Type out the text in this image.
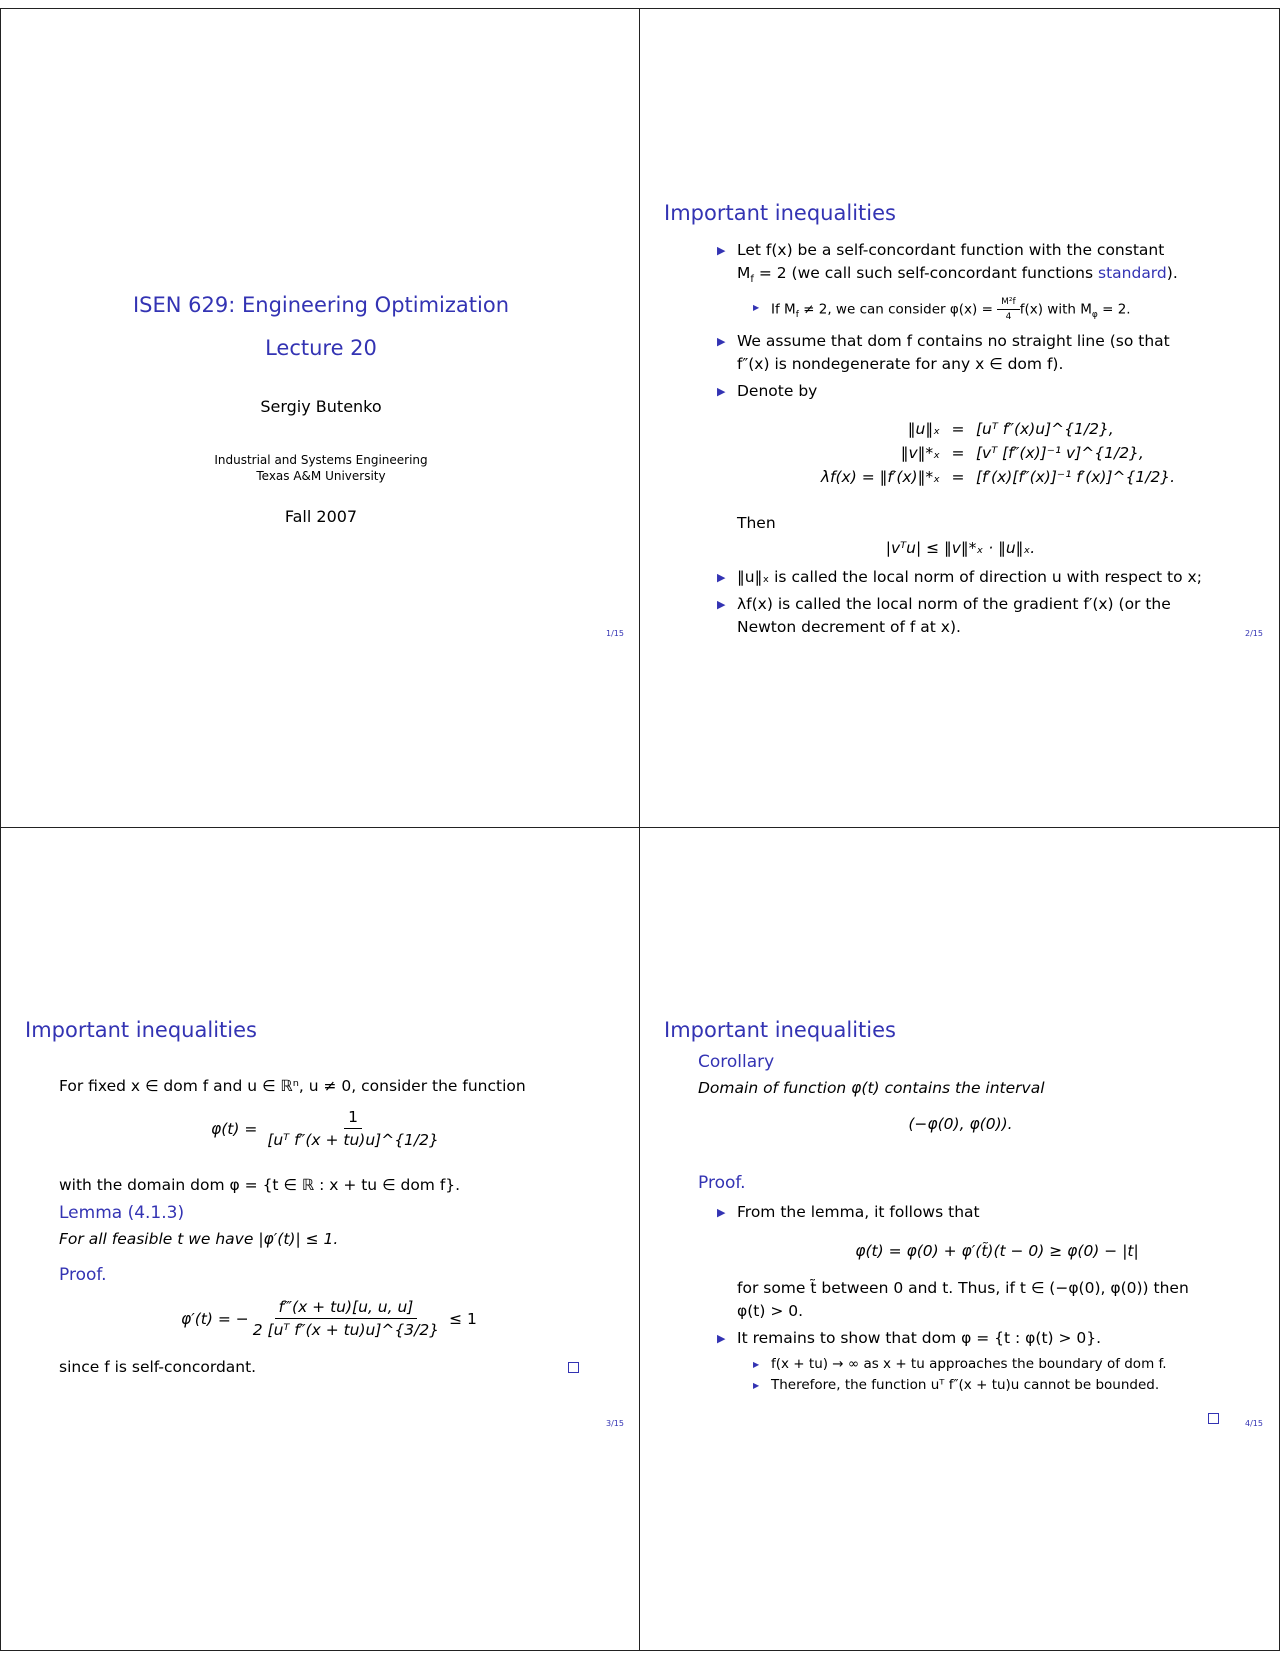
ISEN 629: Engineering Optimization
Lecture 20
Sergiy Butenko
Industrial and Systems Engineering
Texas A&M University
Fall 2007
1/15
Important inequalities
▶ Let f(x) be a self-concordant function with the constant
$M_f = 2$ (we call such self-concordant functions standard).
▶ If $M_f \ne 2$, we can consider $\varphi(x) = \frac{\text{M²f}}{4} f(x)$ with $M_\varphi = 2$.
▶ We assume that dom f contains no straight line (so that
f″(x) is nondegenerate for any x ∈ dom f).
▶ Denote by
‖u‖ₓ = [uᵀ f″(x)u]^{1/2},
‖v‖*ₓ = [vᵀ [f″(x)]⁻¹ v]^{1/2},
λf(x) = ‖f′(x)‖*ₓ = [f′(x)[f″(x)]⁻¹ f′(x)]^{1/2}.
Then
|vᵀu| ≤ ‖v‖*ₓ · ‖u‖ₓ.
▶ ‖u‖ₓ is called the local norm of direction u with respect to x;
▶ λf(x) is called the local norm of the gradient f′(x) (or the
Newton decrement of f at x).	2/15
Important inequalities
For fixed x ∈ dom f and u ∈ ℝⁿ, u ≠ 0, consider the function
$\varphi(t) = \frac{1}{\text{[uᵀ f″(x + tu)u]\textasciicircum{}\{1/2\}}}$
with the domain dom φ = {t ∈ ℝ : x + tu ∈ dom f}.
Lemma (4.1.3)
For all feasible t we have |φ′(t)| ≤ 1.
Proof.
φ′(t) = − $\frac{f‴(x + tu)[u, u, u]}{\text{2 [uᵀ f″(x + tu)u]\textasciicircum{}\{3/2\}}} \le 1$
since f is self-concordant.
3/15
Important inequalities
Corollary
Domain of function φ(t) contains the interval
(−φ(0), φ(0)).
Proof.
▶ From the lemma, it follows that
φ(t) = φ(0) + φ′(t̃)(t − 0) ≥ φ(0) − |t|
for some t̃ between 0 and t. Thus, if t ∈ (−φ(0), φ(0)) then
φ(t) > 0.
▶ It remains to show that dom φ = {t : φ(t) > 0}.
▶ f(x + tu) → ∞ as x + tu approaches the boundary of dom f.
▶ Therefore, the function uᵀ f″(x + tu)u cannot be bounded.
4/15
